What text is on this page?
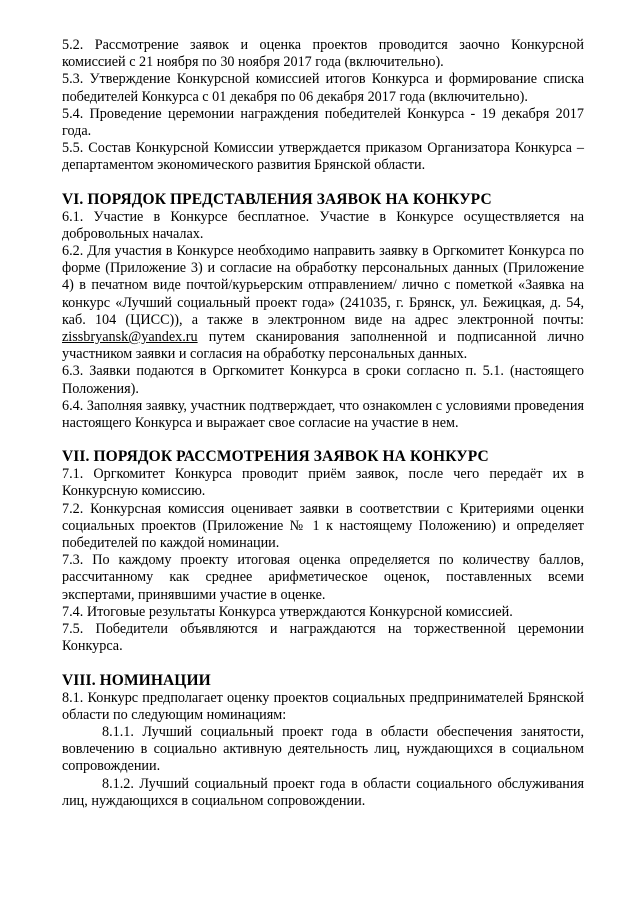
5.2. Рассмотрение заявок и оценка проектов проводится заочно Конкурсной комиссией с 21 ноября по 30 ноября 2017 года (включительно).

5.3. Утверждение Конкурсной комиссией итогов Конкурса и формирование списка победителей Конкурса с 01 декабря по 06 декабря 2017 года (включительно).

5.4. Проведение церемонии награждения победителей Конкурса - 19 декабря 2017 года.

5.5. Состав Конкурсной Комиссии утверждается приказом Организатора Конкурса – департаментом экономического развития Брянской области.

VI. ПОРЯДОК ПРЕДСТАВЛЕНИЯ ЗАЯВОК НА КОНКУРС

6.1. Участие в Конкурсе бесплатное. Участие в Конкурсе осуществляется на добровольных началах.

6.2. Для участия в Конкурсе необходимо направить заявку в Оргкомитет Конкурса по форме (Приложение 3) и согласие на обработку персональных данных (Приложение 4) в печатном виде почтой/курьерским отправлением/ лично с пометкой «Заявка на конкурс «Лучший социальный проект года» (241035, г. Брянск, ул. Бежицкая, д. 54, каб. 104 (ЦИСС)), а также в электронном виде на адрес электронной почты: zissbryansk@yandex.ru путем сканирования заполненной и подписанной лично участником заявки и согласия на обработку персональных данных.

6.3. Заявки подаются в Оргкомитет Конкурса в сроки согласно п. 5.1. (настоящего Положения).

6.4. Заполняя заявку, участник подтверждает, что ознакомлен с условиями проведения настоящего Конкурса и выражает свое согласие на участие в нем.

VII. ПОРЯДОК РАССМОТРЕНИЯ ЗАЯВОК НА КОНКУРС

7.1. Оргкомитет Конкурса проводит приём заявок, после чего передаёт их в Конкурсную комиссию.

7.2. Конкурсная комиссия оценивает заявки в соответствии с Критериями оценки социальных проектов (Приложение № 1 к настоящему Положению) и определяет победителей по каждой номинации.

7.3. По каждому проекту итоговая оценка определяется по количеству баллов, рассчитанному как среднее арифметическое оценок, поставленных всеми экспертами, принявшими участие в оценке.

7.4. Итоговые результаты Конкурса утверждаются Конкурсной комиссией.

7.5. Победители объявляются и награждаются на торжественной церемонии Конкурса.

VIII. НОМИНАЦИИ

8.1. Конкурс предполагает оценку проектов социальных предпринимателей Брянской области по следующим номинациям:

8.1.1. Лучший социальный проект года в области обеспечения занятости, вовлечению в социально активную деятельность лиц, нуждающихся в социальном сопровождении.

8.1.2. Лучший социальный проект года в области социального обслуживания лиц, нуждающихся в социальном сопровождении.
